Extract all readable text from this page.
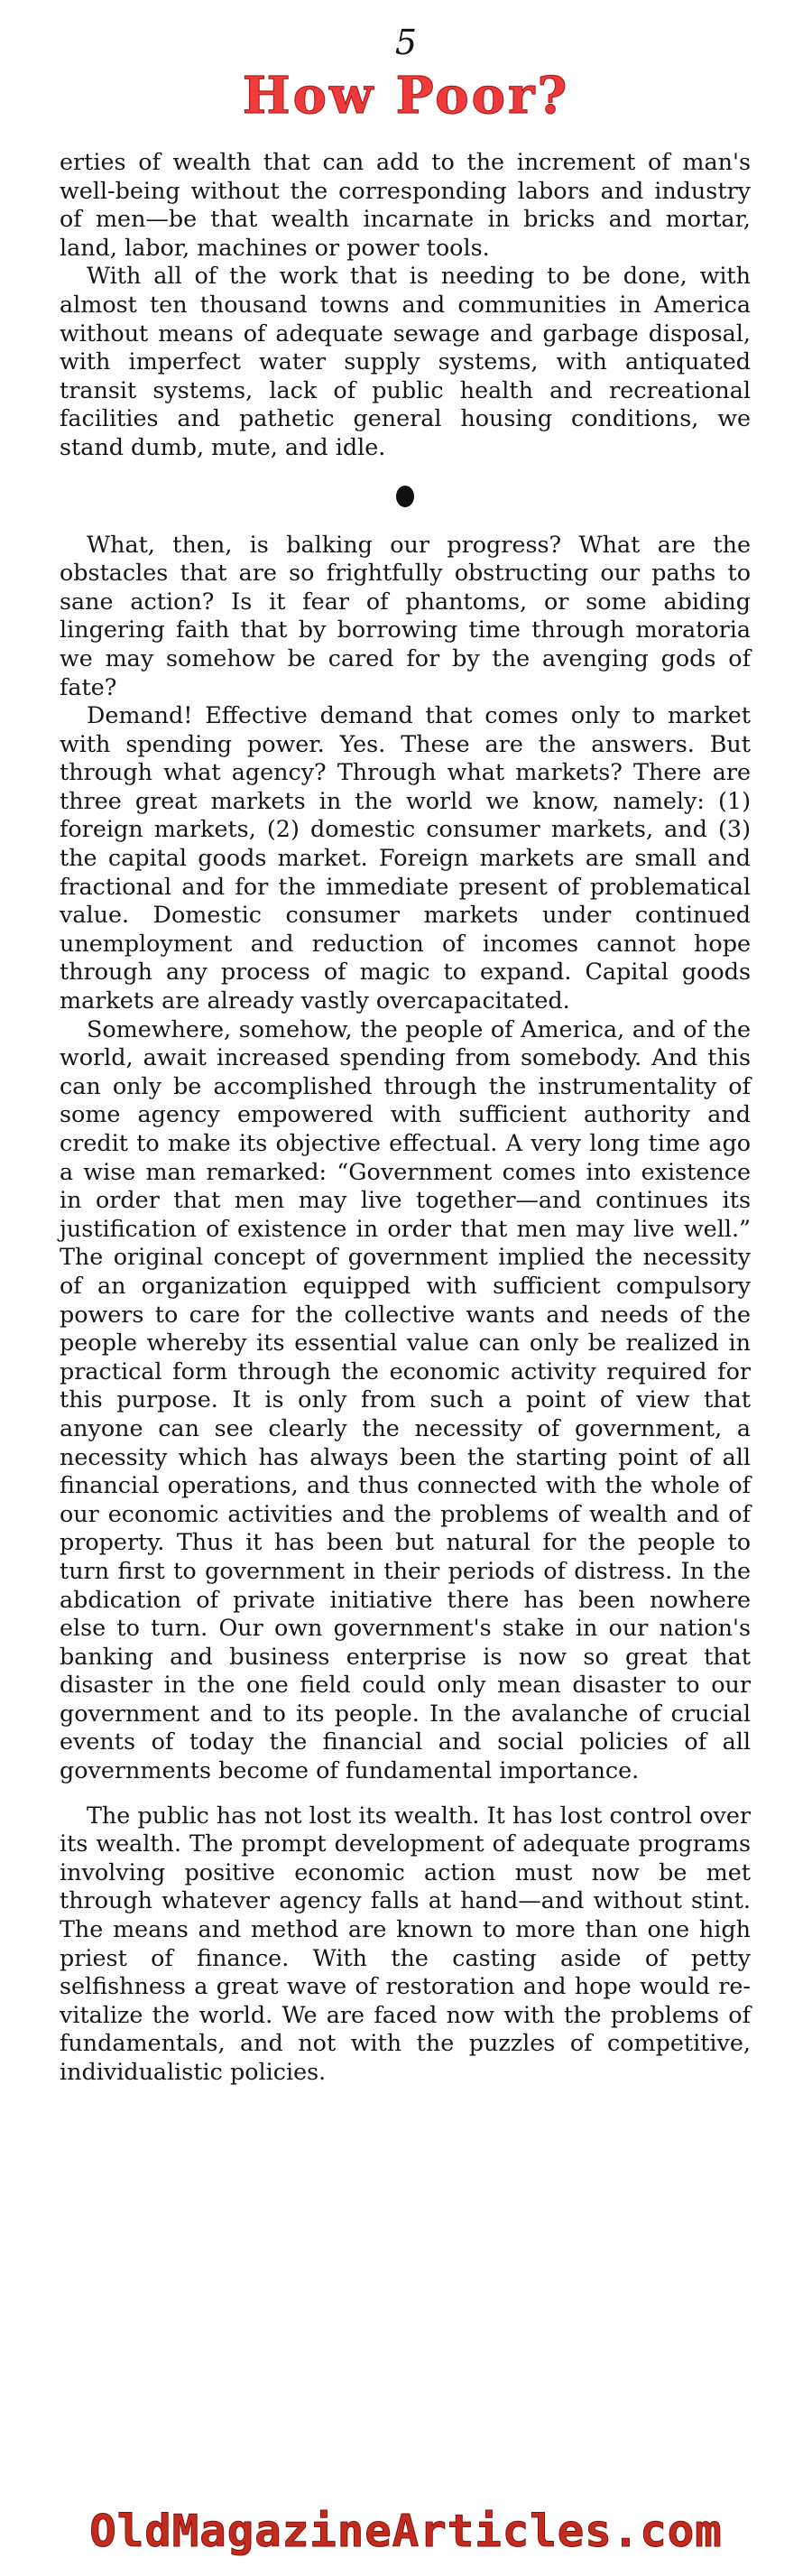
5
How Poor?

erties of wealth that can add to the increment of man's well-being without the corresponding labors and industry of men—be that wealth incarnate in bricks and mortar, land, labor, machines or power tools.

With all of the work that is needing to be done, with almost ten thousand towns and communities in America without means of adequate sewage and garbage disposal, with imperfect water supply systems, with antiquated transit systems, lack of public health and recreational facilities and pathetic general housing conditions, we stand dumb, mute, and idle.

What, then, is balking our progress? What are the obstacles that are so frightfully obstructing our paths to sane action? Is it fear of phantoms, or some abiding lingering faith that by borrowing time through moratoria we may somehow be cared for by the avenging gods of fate?

Demand! Effective demand that comes only to market with spending power. Yes. These are the answers. But through what agency? Through what markets? There are three great markets in the world we know, namely: (1) foreign markets, (2) domestic consumer markets, and (3) the capital goods market. Foreign markets are small and fractional and for the immediate present of problematical value. Domestic consumer markets under continued unemployment and reduction of incomes cannot hope through any process of magic to expand. Capital goods markets are already vastly overcapacitated.

Somewhere, somehow, the people of America, and of the world, await increased spending from somebody. And this can only be accomplished through the instrumentality of some agency empowered with sufficient authority and credit to make its objective effectual. A very long time ago a wise man remarked: “Government comes into existence in order that men may live together—and continues its justification of existence in order that men may live well.” The original concept of government implied the necessity of an organization equipped with sufficient compulsory powers to care for the collective wants and needs of the people whereby its essential value can only be realized in practical form through the economic activity required for this purpose. It is only from such a point of view that anyone can see clearly the necessity of government, a necessity which has always been the starting point of all financial operations, and thus connected with the whole of our economic activities and the problems of wealth and of property. Thus it has been but natural for the people to turn first to government in their periods of distress. In the abdication of private initiative there has been nowhere else to turn. Our own government's stake in our nation's banking and business enterprise is now so great that disaster in the one field could only mean disaster to our government and to its people. In the avalanche of crucial events of today the financial and social policies of all governments become of fundamental importance.

The public has not lost its wealth. It has lost control over its wealth. The prompt development of adequate programs involving positive economic action must now be met through whatever agency falls at hand—and without stint. The means and method are known to more than one high priest of finance. With the casting aside of petty selfishness a great wave of restoration and hope would re-vitalize the world. We are faced now with the problems of fundamentals, and not with the puzzles of competitive, individualistic policies.

OldMagazineArticles.com
